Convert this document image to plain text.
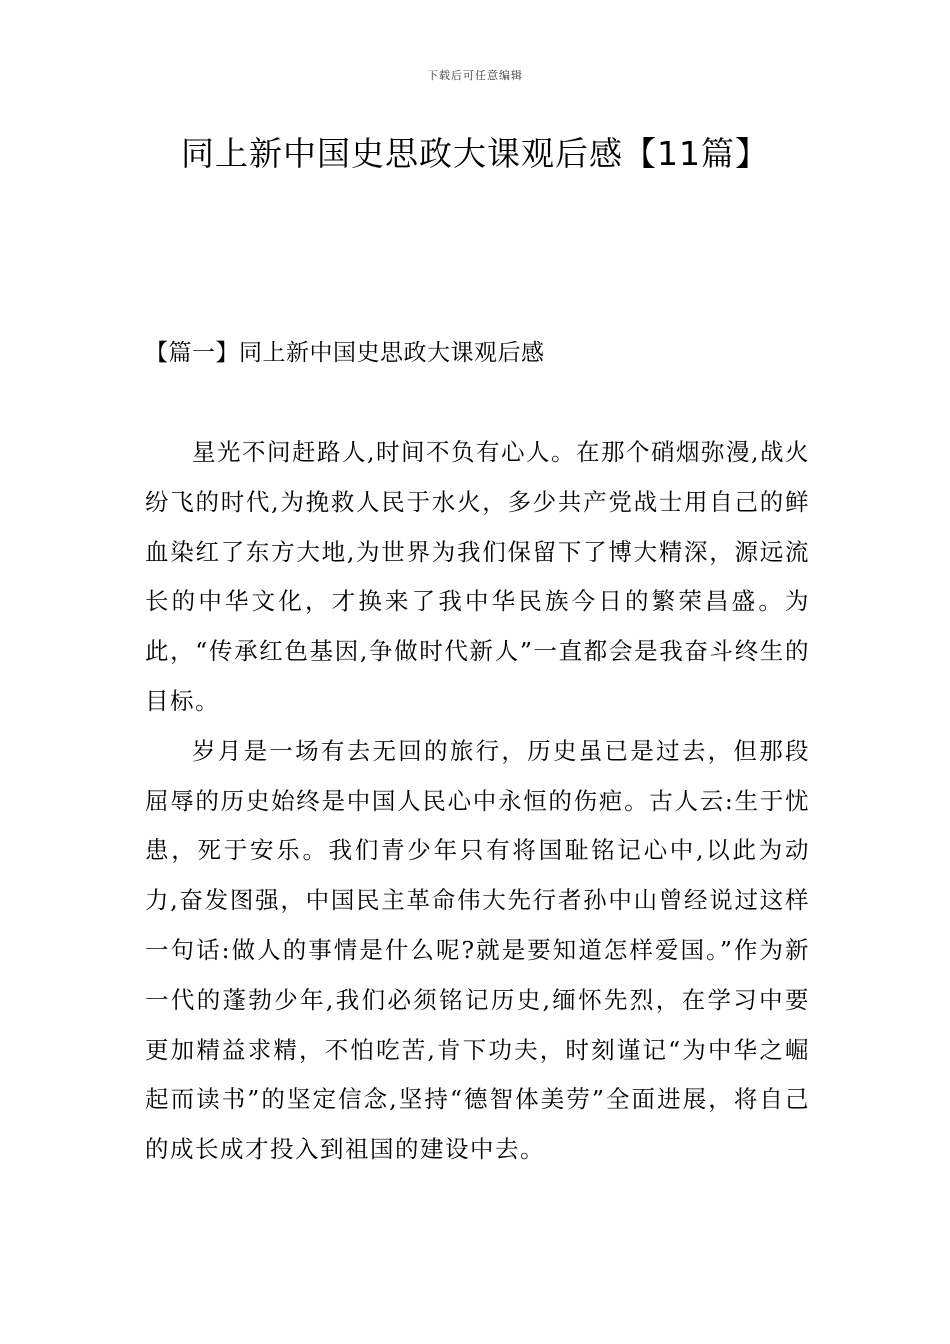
下载后可任意编辑
同上新中国史思政大课观后感【11篇】
【篇一】同上新中国史思政大课观后感

星光不问赶路人,时间不负有心人。在那个硝烟弥漫,战火纷飞的时代,为挽救人民于水火，多少共产党战士用自己的鲜血染红了东方大地,为世界为我们保留下了博大精深，源远流长的中华文化，才换来了我中华民族今日的繁荣昌盛。为此，“传承红色基因,争做时代新人”一直都会是我奋斗终生的目标。

岁月是一场有去无回的旅行，历史虽已是过去，但那段屈辱的历史始终是中国人民心中永恒的伤疤。古人云:生于忧患，死于安乐。我们青少年只有将国耻铭记心中,以此为动力,奋发图强，中国民主革命伟大先行者孙中山曾经说过这样一句话:做人的事情是什么呢?就是要知道怎样爱国。”作为新一代的蓬勃少年,我们必须铭记历史,缅怀先烈，在学习中要更加精益求精，不怕吃苦,肯下功夫，时刻谨记“为中华之崛起而读书”的坚定信念,坚持“德智体美劳”全面进展，将自己的成长成才投入到祖国的建设中去。
